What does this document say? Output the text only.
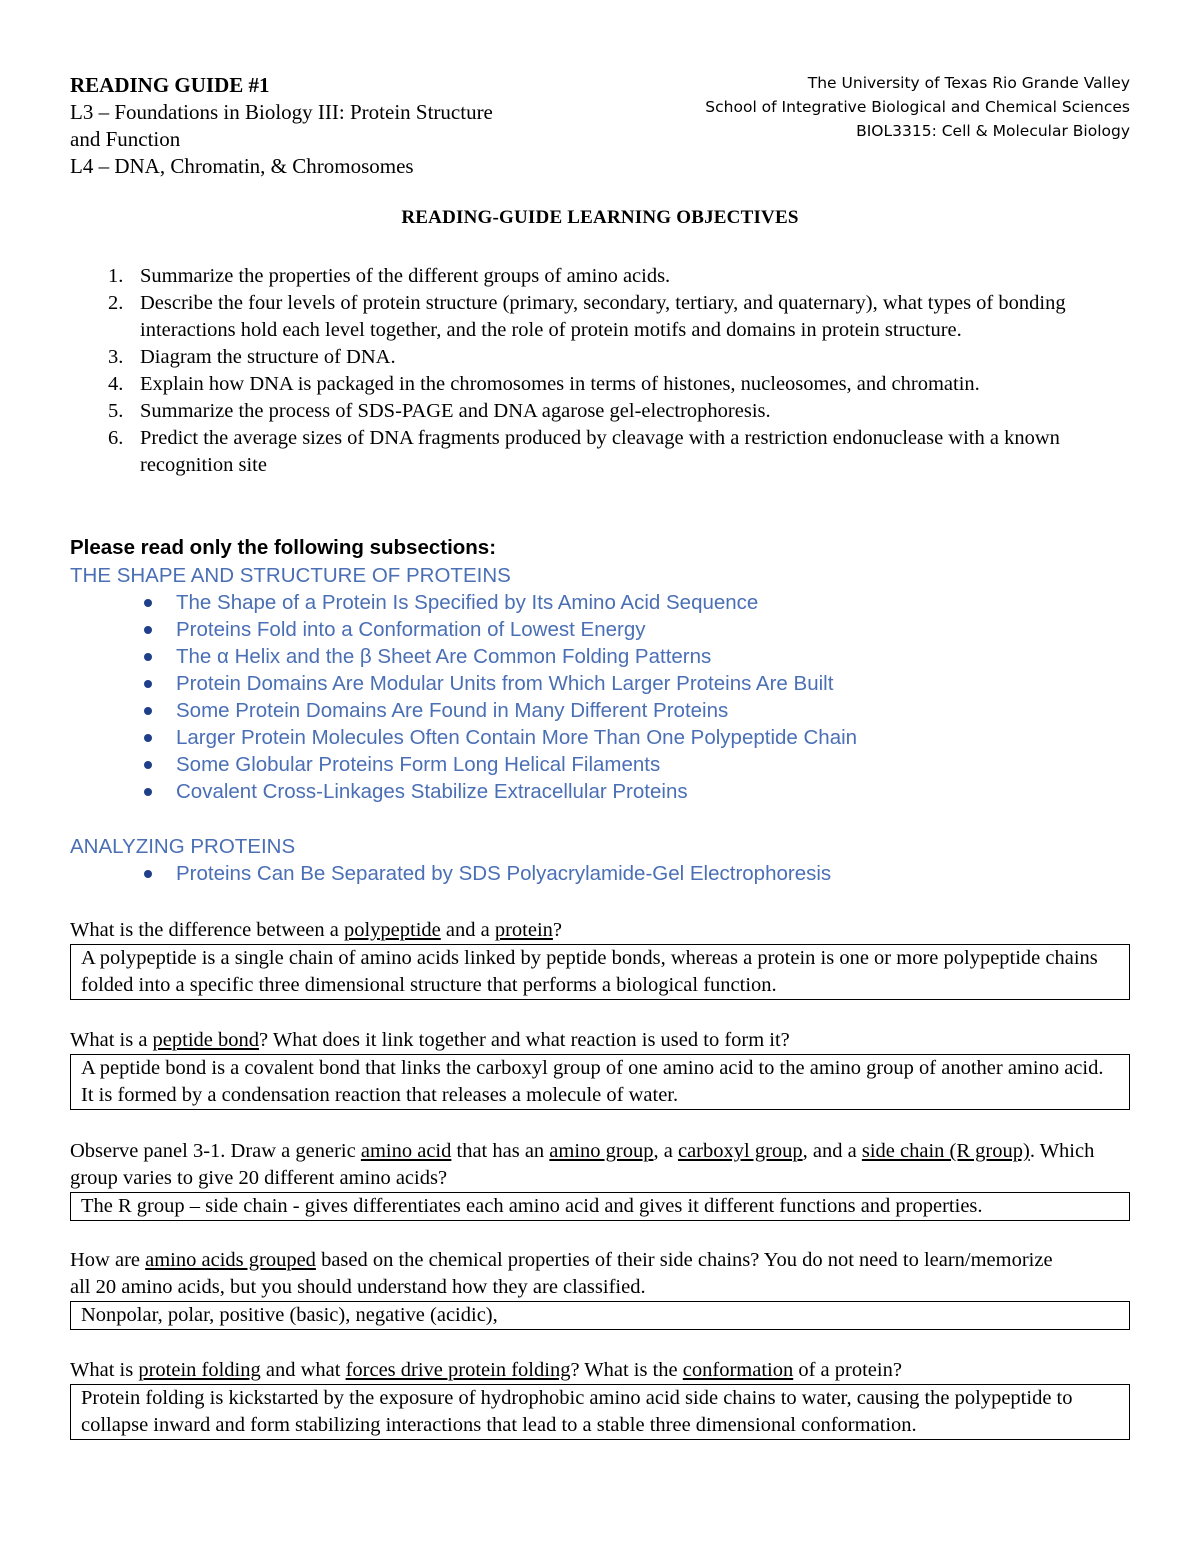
READING GUIDE #1
L3 – Foundations in Biology III: Protein Structure
and Function
L4 – DNA, Chromatin, & Chromosomes
The University of Texas Rio Grande Valley
School of Integrative Biological and Chemical Sciences
BIOL3315: Cell & Molecular Biology
READING-GUIDE LEARNING OBJECTIVES
1. Summarize the properties of the different groups of amino acids.
2. Describe the four levels of protein structure (primary, secondary, tertiary, and quaternary), what types of bonding interactions hold each level together, and the role of protein motifs and domains in protein structure.
3. Diagram the structure of DNA.
4. Explain how DNA is packaged in the chromosomes in terms of histones, nucleosomes, and chromatin.
5. Summarize the process of SDS-PAGE and DNA agarose gel-electrophoresis.
6. Predict the average sizes of DNA fragments produced by cleavage with a restriction endonuclease with a known recognition site
Please read only the following subsections:
THE SHAPE AND STRUCTURE OF PROTEINS
The Shape of a Protein Is Specified by Its Amino Acid Sequence
Proteins Fold into a Conformation of Lowest Energy
The α Helix and the β Sheet Are Common Folding Patterns
Protein Domains Are Modular Units from Which Larger Proteins Are Built
Some Protein Domains Are Found in Many Different Proteins
Larger Protein Molecules Often Contain More Than One Polypeptide Chain
Some Globular Proteins Form Long Helical Filaments
Covalent Cross-Linkages Stabilize Extracellular Proteins
ANALYZING PROTEINS
Proteins Can Be Separated by SDS Polyacrylamide-Gel Electrophoresis
What is the difference between a polypeptide and a protein?
A polypeptide is a single chain of amino acids linked by peptide bonds, whereas a protein is one or more polypeptide chains folded into a specific three dimensional structure that performs a biological function.
What is a peptide bond? What does it link together and what reaction is used to form it?
A peptide bond is a covalent bond that links the carboxyl group of one amino acid to the amino group of another amino acid. It is formed by a condensation reaction that releases a molecule of water.
Observe panel 3-1. Draw a generic amino acid that has an amino group, a carboxyl group, and a side chain (R group). Which group varies to give 20 different amino acids?
The R group – side chain - gives differentiates each amino acid and gives it different functions and properties.
How are amino acids grouped based on the chemical properties of their side chains? You do not need to learn/memorize all 20 amino acids, but you should understand how they are classified.
Nonpolar, polar, positive (basic), negative (acidic),
What is protein folding and what forces drive protein folding? What is the conformation of a protein?
Protein folding is kickstarted by the exposure of hydrophobic amino acid side chains to water, causing the polypeptide to collapse inward and form stabilizing interactions that lead to a stable three dimensional conformation.
